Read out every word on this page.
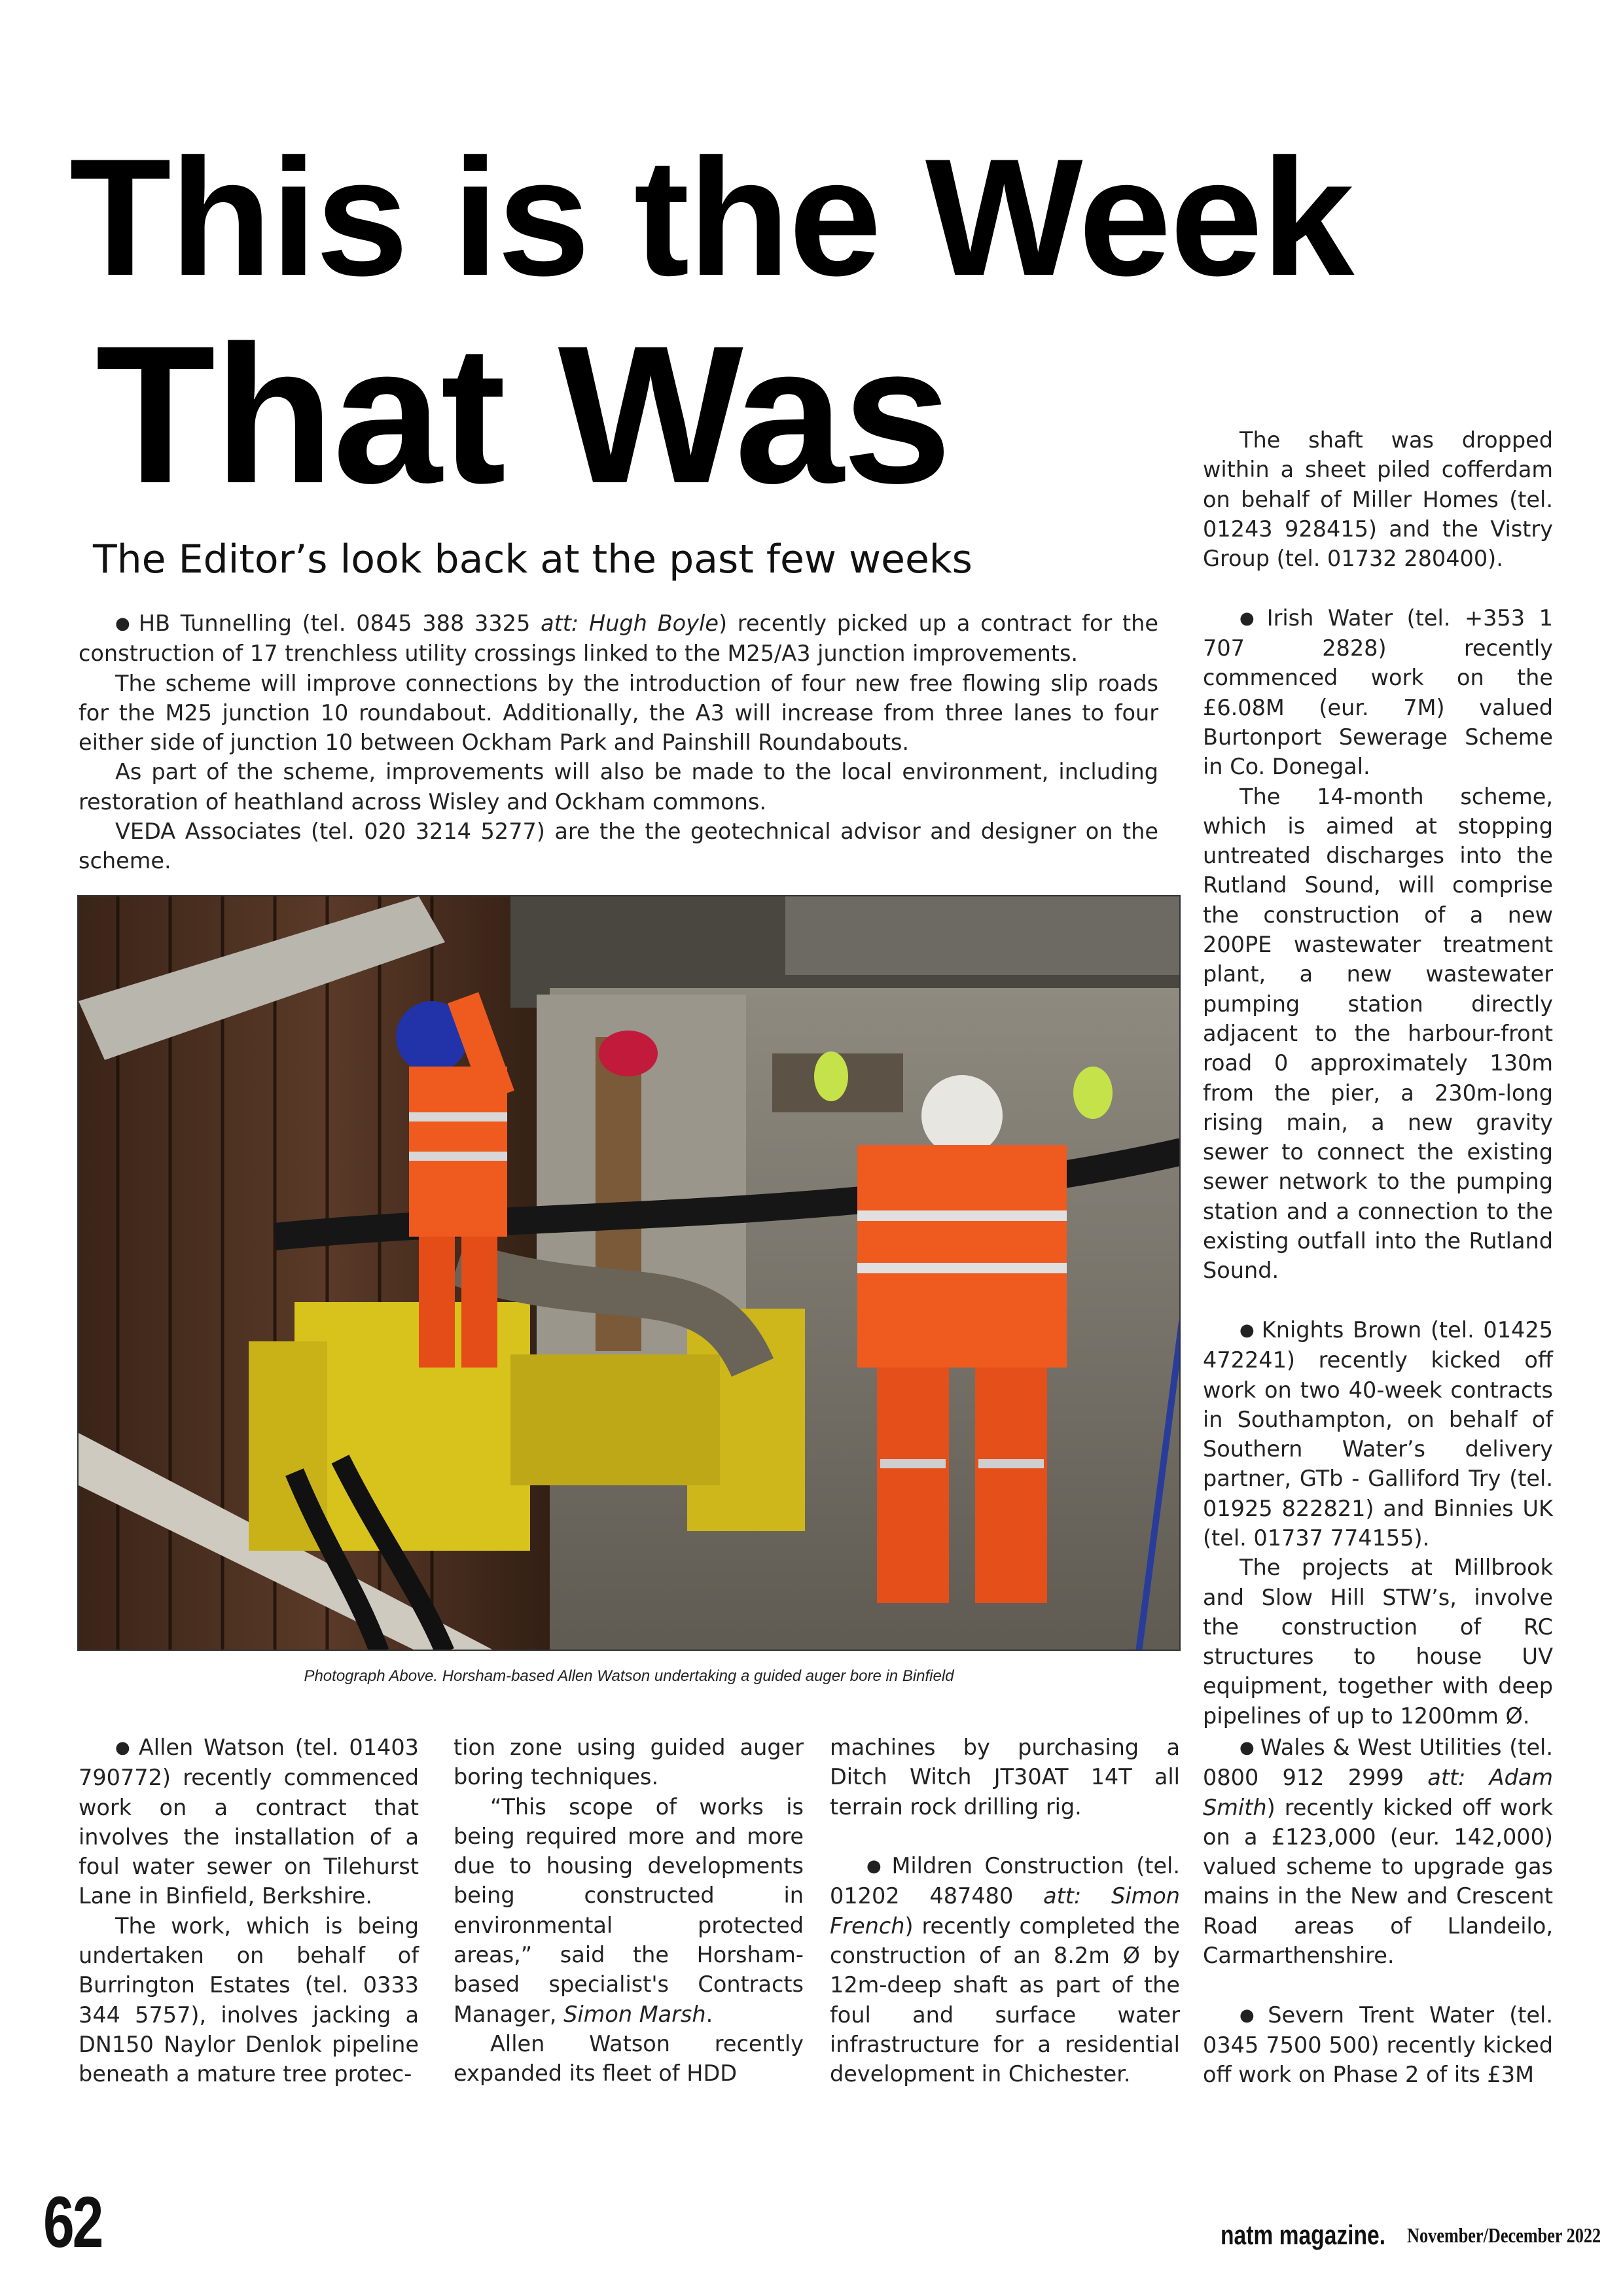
This is the Week
That Was
The Editor’s look back at the past few weeks

● HB Tunnelling (tel. 0845 388 3325 att: Hugh Boyle) recently picked up a contract for the construction of 17 trenchless utility crossings linked to the M25/A3 junction improvements.

The scheme will improve connections by the introduction of four new free flowing slip roads for the M25 junction 10 roundabout. Additionally, the A3 will increase from three lanes to four either side of junction 10 between Ockham Park and Painshill Roundabouts.

As part of the scheme, improvements will also be made to the local environment, including restoration of heathland across Wisley and Ockham commons.

VEDA Associates (tel. 020 3214 5277) are the the geotechnical advisor and designer on the scheme.

Photograph Above. Horsham-based Allen Watson undertaking a guided auger bore in Binfield

● Allen Watson (tel. 01403 790772) recently commenced work on a contract that involves the installation of a foul water sewer on Tilehurst Lane in Binfield, Berkshire.

The work, which is being undertaken on behalf of Burrington Estates (tel. 0333 344 5757), inolves jacking a DN150 Naylor Denlok pipeline beneath a mature tree protec-

tion zone using guided auger boring techniques.

“This scope of works is being required more and more due to housing developments being constructed in environmental protected areas,” said the Horsham-based specialist's Contracts Manager, Simon Marsh.

Allen Watson recently expanded its fleet of HDD

machines by purchasing a Ditch Witch JT30AT 14T all terrain rock drilling rig.

● Mildren Construction (tel. 01202 487480 att: Simon French) recently completed the construction of an 8.2m Ø by 12m-deep shaft as part of the foul and surface water infrastructure for a residential development in Chichester.

The shaft was dropped within a sheet piled cofferdam on behalf of Miller Homes (tel. 01243 928415) and the Vistry Group (tel. 01732 280400).

● Irish Water (tel. +353 1 707 2828) recently commenced work on the £6.08M (eur. 7M) valued Burtonport Sewerage Scheme in Co. Donegal.

The 14-month scheme, which is aimed at stopping untreated discharges into the Rutland Sound, will comprise the construction of a new 200PE wastewater treatment plant, a new wastewater pumping station directly adjacent to the harbour-front road 0 approximately 130m from the pier, a 230m-long rising main, a new gravity sewer to connect the existing sewer network to the pumping station and a connection to the existing outfall into the Rutland Sound.

● Knights Brown (tel. 01425 472241) recently kicked off work on two 40-week contracts in Southampton, on behalf of Southern Water’s delivery partner, GTb - Galliford Try (tel. 01925 822821) and Binnies UK (tel. 01737 774155).

The projects at Millbrook and Slow Hill STW’s, involve the construction of RC structures to house UV equipment, together with deep pipelines of up to 1200mm Ø.

● Wales & West Utilities (tel. 0800 912 2999 att: Adam Smith) recently kicked off work on a £123,000 (eur. 142,000) valued scheme to upgrade gas mains in the New and Crescent Road areas of Llandeilo, Carmarthenshire.

● Severn Trent Water (tel. 0345 7500 500) recently kicked off work on Phase 2 of its £3M

62	natm magazine. November/December 2022
